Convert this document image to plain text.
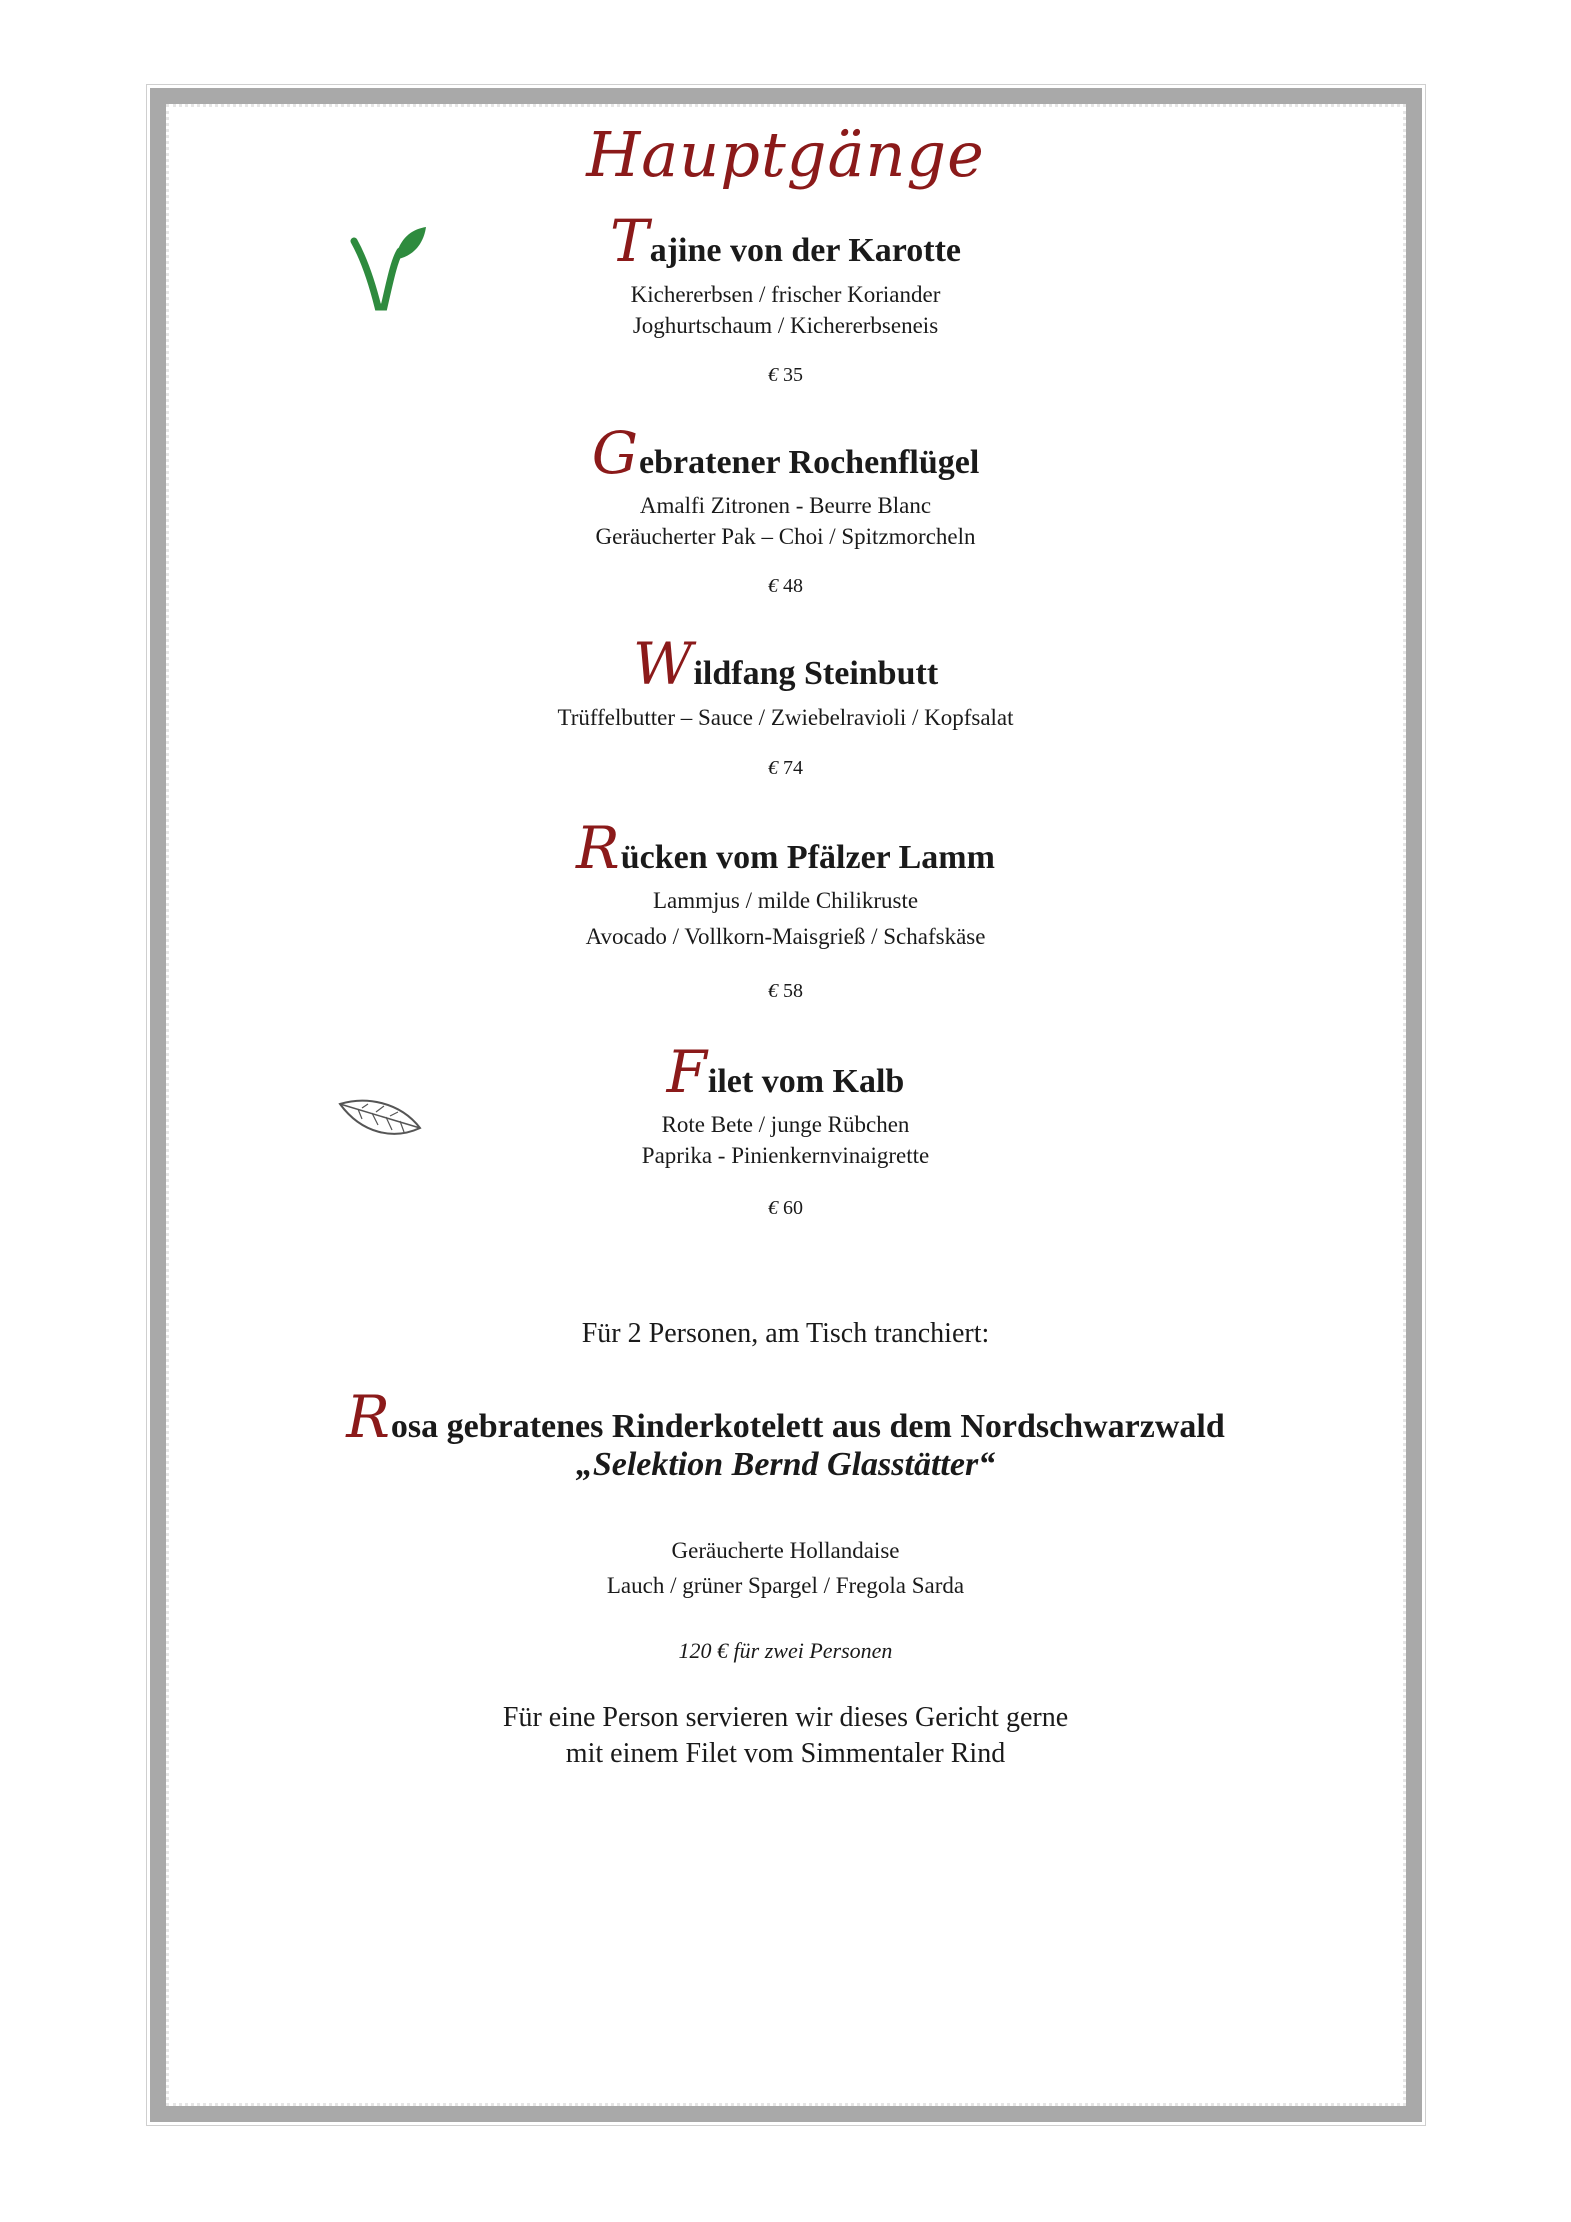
Hauptgänge
Tajine von der Karotte
Kichererbsen / frischer Koriander
Joghurtschaum / Kichererbseneis
€ 35
Gebratener Rochenflügel
Amalfi Zitronen - Beurre Blanc
Geräucherter Pak – Choi / Spitzmorcheln
€ 48
Wildfang Steinbutt
Trüffelbutter – Sauce / Zwiebelravioli / Kopfsalat
€ 74
Rücken vom Pfälzer Lamm
Lammjus / milde Chilikruste
Avocado / Vollkorn-Maisgrieß / Schafskäse
€ 58
Filet vom Kalb
Rote Bete / junge Rübchen
Paprika - Pinienkernvinaigrette
€ 60
Für 2 Personen, am Tisch tranchiert:
Rosa gebratenes Rinderkotelett aus dem Nordschwarzwald
„Selektion Bernd Glasstätter“
Geräucherte Hollandaise
Lauch / grüner Spargel / Fregola Sarda
120 € für zwei Personen
Für eine Person servieren wir dieses Gericht gerne
mit einem Filet vom Simmentaler Rind
